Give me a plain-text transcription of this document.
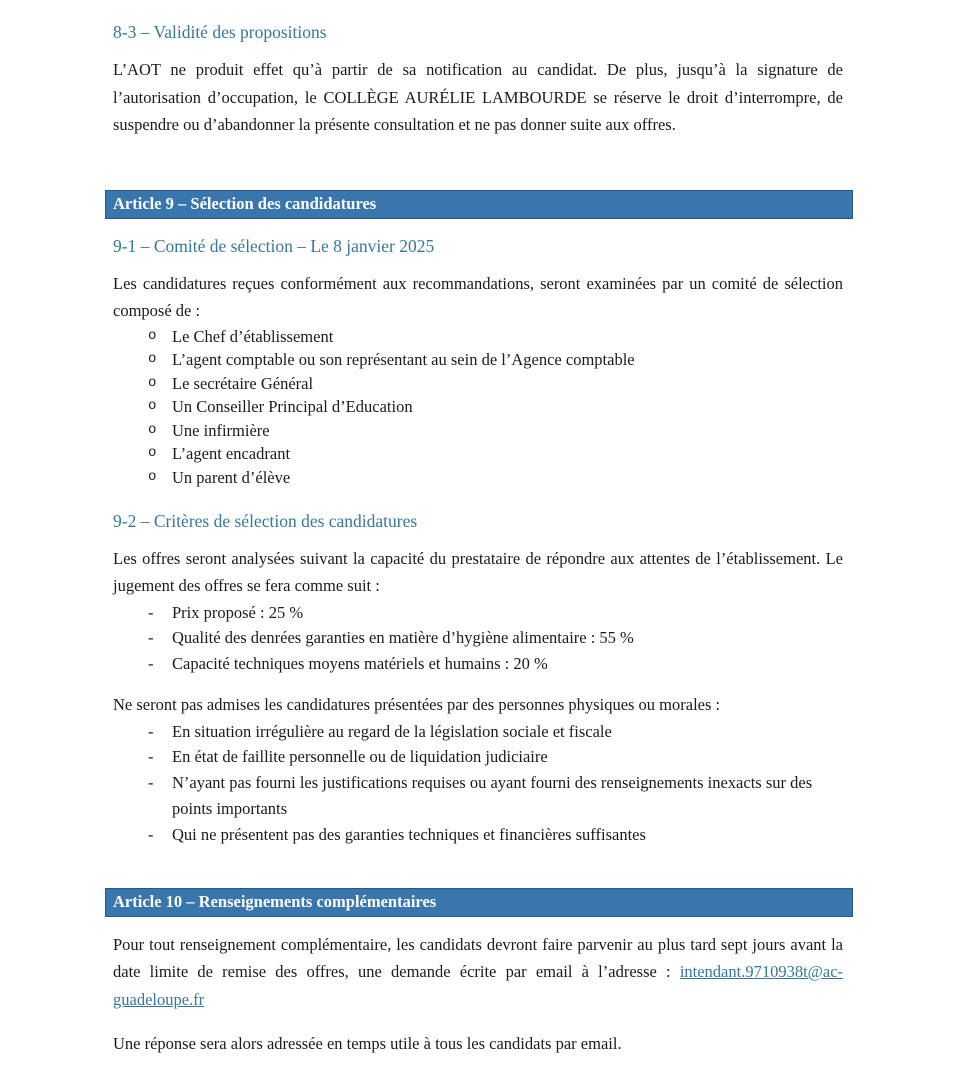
8-3 – Validité des propositions

L’AOT ne produit effet qu’à partir de sa notification au candidat. De plus, jusqu’à la signature de l’autorisation d’occupation, le COLLÈGE AURÉLIE LAMBOURDE se réserve le droit d’interrompre, de suspendre ou d’abandonner la présente consultation et ne pas donner suite aux offres.

Article 9 – Sélection des candidatures
9-1 – Comité de sélection – Le 8 janvier 2025

Les candidatures reçues conformément aux recommandations, seront examinées par un comité de sélection composé de :

o Le Chef d’établissement
o L’agent comptable ou son représentant au sein de l’Agence comptable
o Le secrétaire Général
o Un Conseiller Principal d’Education
o Une infirmière
o L’agent encadrant
o Un parent d’élève
9-2 – Critères de sélection des candidatures

Les offres seront analysées suivant la capacité du prestataire de répondre aux attentes de l’établissement. Le jugement des offres se fera comme suit :

-	Prix proposé : 25 %
-	Qualité des denrées garanties en matière d’hygiène alimentaire : 55 %
-	Capacité techniques moyens matériels et humains : 20 %

Ne seront pas admises les candidatures présentées par des personnes physiques ou morales :

-	En situation irrégulière au regard de la législation sociale et fiscale
-	En état de faillite personnelle ou de liquidation judiciaire
-	N’ayant pas fourni les justifications requises ou ayant fourni des renseignements inexacts sur des points importants
-	Qui ne présentent pas des garanties techniques et financières suffisantes
Article 10 – Renseignements complémentaires

Pour tout renseignement complémentaire, les candidats devront faire parvenir au plus tard sept jours avant la date limite de remise des offres, une demande écrite par email à l’adresse : intendant.9710938t@ac-guadeloupe.fr

Une réponse sera alors adressée en temps utile à tous les candidats par email.
